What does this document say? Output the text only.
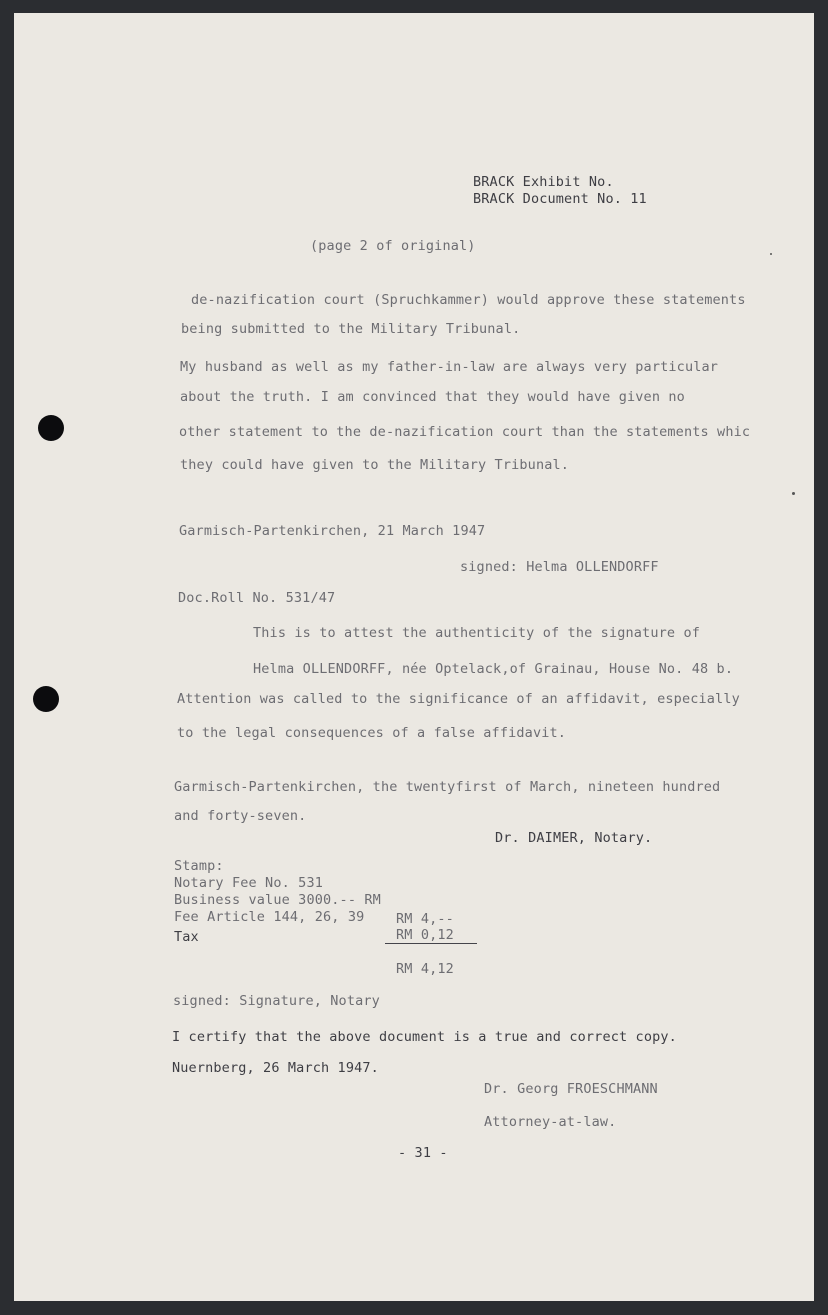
BRACK Exhibit No.
BRACK Document No. 11
(page 2 of original)
de-nazification court (Spruchkammer) would approve these statements
being submitted to the Military Tribunal.
My husband as well as my father-in-law are always very particular
about the truth. I am convinced that they would have given no
other statement to the de-nazification court than the statements whic
they could have given to the Military Tribunal.
Garmisch-Partenkirchen, 21 March 1947
signed: Helma OLLENDORFF
Doc.Roll No. 531/47
This is to attest the authenticity of the signature of
Helma OLLENDORFF, née Optelack,of Grainau, House No. 48 b.
Attention was called to the significance of an affidavit, especially
to the legal consequences of a false affidavit.
Garmisch-Partenkirchen, the twentyfirst of March, nineteen hundred
and forty-seven.
Dr. DAIMER, Notary.
Stamp:
Notary Fee No. 531
Business value 3000.-- RM
Fee Article 144, 26, 39 RM 4,--
Tax	RM 0,12
RM 4,12
signed: Signature, Notary
I certify that the above document is a true and correct copy.
Nuernberg, 26 March 1947.
Dr. Georg FROESCHMANN
Attorney-at-law.
- 31 -
